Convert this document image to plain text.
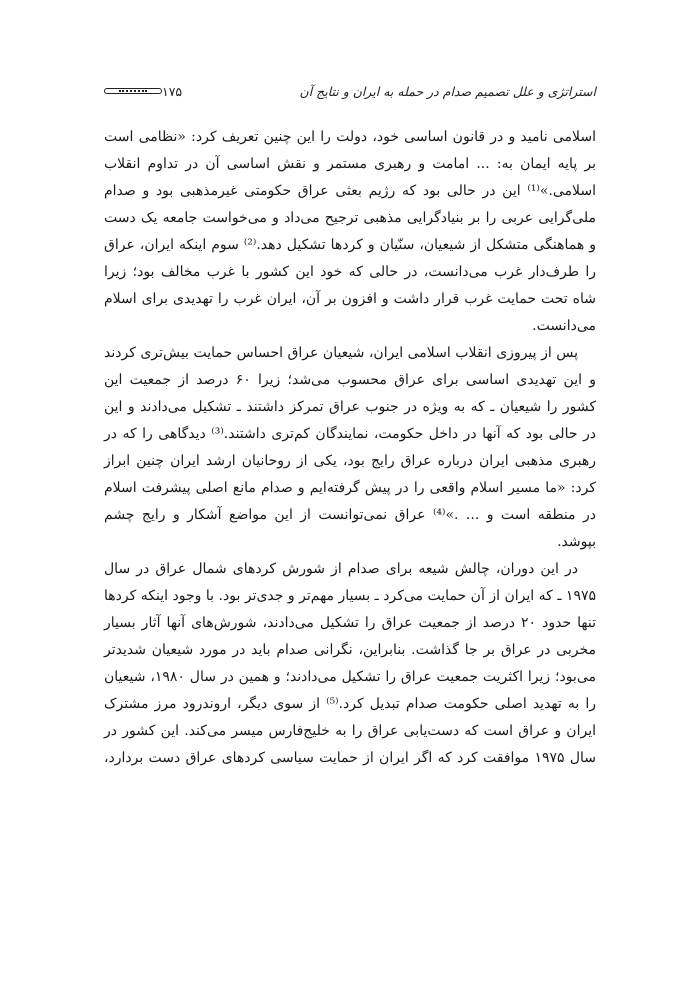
استراتژی و علل تصمیم صدام در حمله به ایران و نتایج آن
۱۷۵

اسلامی نامید و در قانون اساسی خود، دولت را این چنین تعریف کرد: «نظامی است بر پایه ایمان به: ... امامت و رهبری مستمر و نقش اساسی آن در تداوم انقلاب اسلامی.»⁽¹⁾ این در حالی بود که رژیم بعثی عراق حکومتی غیرمذهبی بود و صدام ملی‌گرایی عربی را بر بنیادگرایی مذهبی ترجیح می‌داد و می‌خواست جامعه یک دست و هماهنگی متشکل از شیعیان، سنّیان و کردها تشکیل دهد.⁽²⁾ سوم اینکه ایران، عراق را طرف‌دار غرب می‌دانست، در حالی که خود این کشور با غرب مخالف بود؛ زیرا شاه تحت حمایت غرب قرار داشت و افزون بر آن، ایران غرب را تهدیدی برای اسلام می‌دانست.

پس از پیروزی انقلاب اسلامی ایران، شیعیان عراق احساس حمایت بیش‌تری کردند و این تهدیدی اساسی برای عراق محسوب می‌شد؛ زیرا ۶۰ درصد از جمعیت این کشور را شیعیان ـ که به ویژه در جنوب عراق تمرکز داشتند ـ تشکیل می‌دادند و این در حالی بود که آنها در داخل حکومت، نمایندگان کم‌تری داشتند.⁽³⁾ دیدگاهی را که در رهبری مذهبی ایران درباره عراق رایج بود، یکی از روحانیان ارشد ایران چنین ابراز کرد: «ما مسیر اسلام واقعی را در پیش گرفته‌ایم و صدام مانع اصلی پیشرفت اسلام در منطقه است و ... .»⁽⁴⁾ عراق نمی‌توانست از این مواضع آشکار و رایج چشم بپوشد.

در این دوران، چالش شیعه برای صدام از شورش کردهای شمال عراق در سال ۱۹۷۵ ـ که ایران از آن حمایت می‌کرد ـ بسیار مهم‌تر و جدی‌تر بود. با وجود اینکه کردها تنها حدود ۲۰ درصد از جمعیت عراق را تشکیل می‌دادند، شورش‌های آنها آثار بسیار مخربی در عراق بر جا گذاشت. بنابراین، نگرانی صدام باید در مورد شیعیان شدیدتر می‌بود؛ زیرا اکثریت جمعیت عراق را تشکیل می‌دادند؛ و همین در سال ۱۹۸۰، شیعیان را به تهدید اصلی حکومت صدام تبدیل کرد.⁽⁵⁾ از سوی دیگر، اروندرود مرز مشترک ایران و عراق است که دست‌یابی عراق را به خلیج‌فارس میسر می‌کند. این کشور در سال ۱۹۷۵ موافقت کرد که اگر ایران از حمایت سیاسی کردهای عراق دست بردارد،
